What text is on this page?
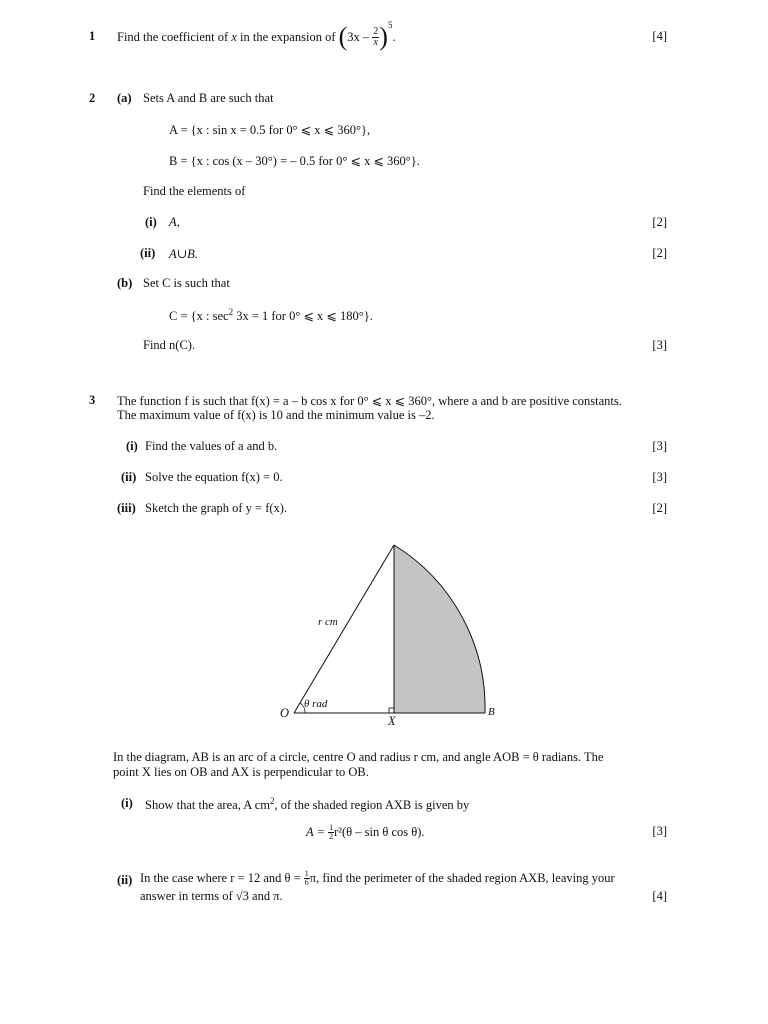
1 Find the coefficient of
x
in the expansion of
( 3x
–
$\frac{2}{x}$ ) 5
.	[4]
2 (a) Sets A and B are such that
A = {x : sin x = 0.5 for 0° ⩽ x ⩽ 360°},
B = {x : cos (x – 30°) = – 0.5 for 0° ⩽ x ⩽ 360°}.
Find the elements of
(i) A,	[2]
(ii) A∪B.	[2]
(b) Set C is such that
C = {x : $\sec^2 3x = 1$ for 0° ⩽ x ⩽ 180°}.
Find n(C).	[3]
3 The function f is such that f(x) = a – b cos x for 0° ⩽ x ⩽ 360°, where a and b are positive constants.
The maximum value of f(x) is 10 and the minimum value is –2.
(i) Find the values of a and b.	[3]
(ii) Solve the equation f(x) = 0.	[3]
(iii) Sketch the graph of y = f(x).	[2]
r cm
θ rad
O
X
B
In the diagram, AB is an arc of a circle, centre O and radius r cm, and angle AOB = θ radians. The
point X lies on OB and AX is perpendicular to OB.
(i) Show that the area, A $cm^2$, of the shaded region AXB is given by
A =
$\frac{1}{2} r^2(\theta$ – sin θ cos θ).	[3]
(ii) In the case where r = 12 and θ =
$\frac{1}{6} \pi$, find the perimeter of the shaded region AXB, leaving your
answer in terms of √3 and π.	[4]
